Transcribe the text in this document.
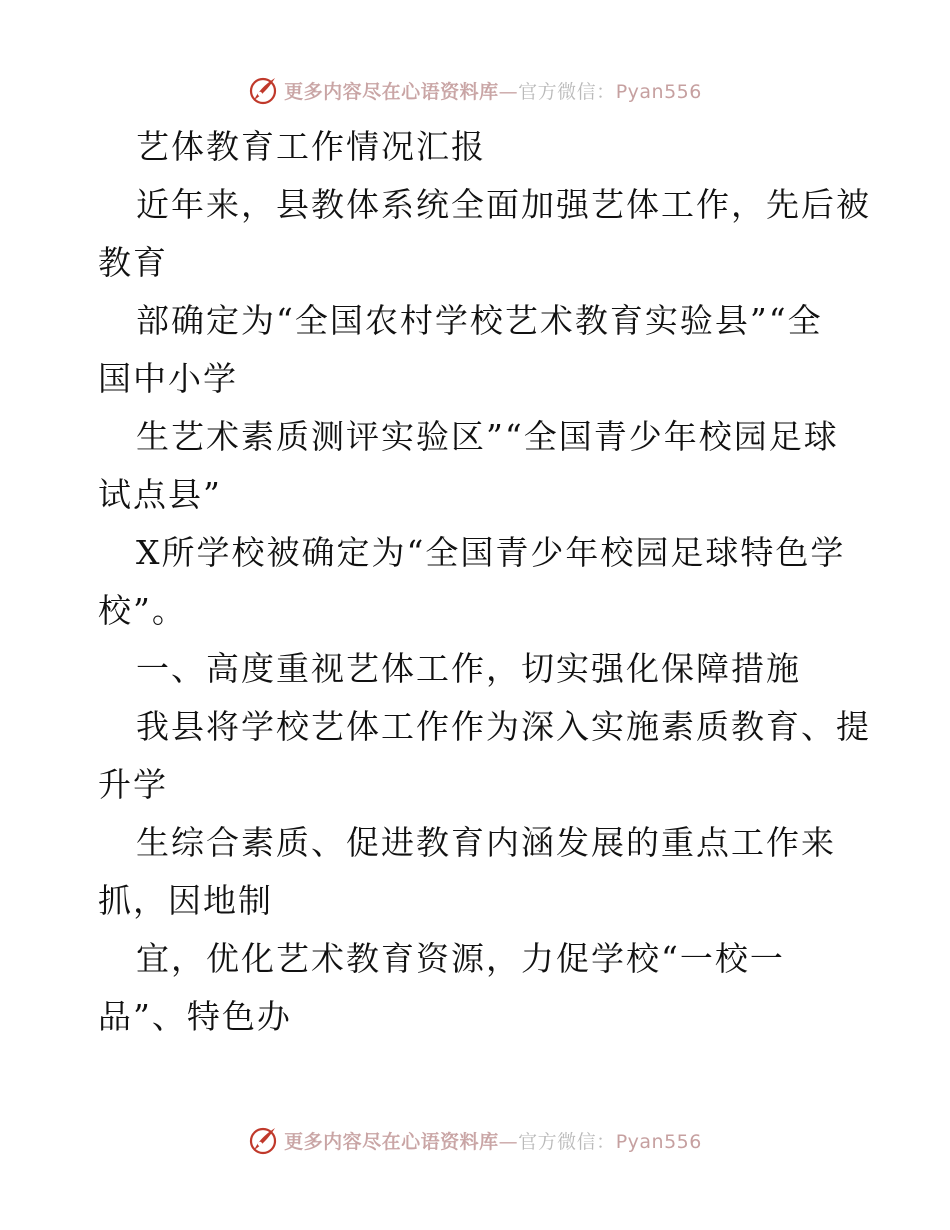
更多内容尽在心语资料库—官方微信：Pyan556
艺体教育工作情况汇报
近年来，县教体系统全面加强艺体工作，先后被
教育
部确定为“全国农村学校艺术教育实验县”“全
国中小学
生艺术素质测评实验区”“全国青少年校园足球
试点县”
X所学校被确定为“全国青少年校园足球特色学
校”。
一、高度重视艺体工作，切实强化保障措施
我县将学校艺体工作作为深入实施素质教育、提
升学
生综合素质、促进教育内涵发展的重点工作来
抓，因地制
宜，优化艺术教育资源，力促学校“一校一
品”、特色办
更多内容尽在心语资料库—官方微信：Pyan556
